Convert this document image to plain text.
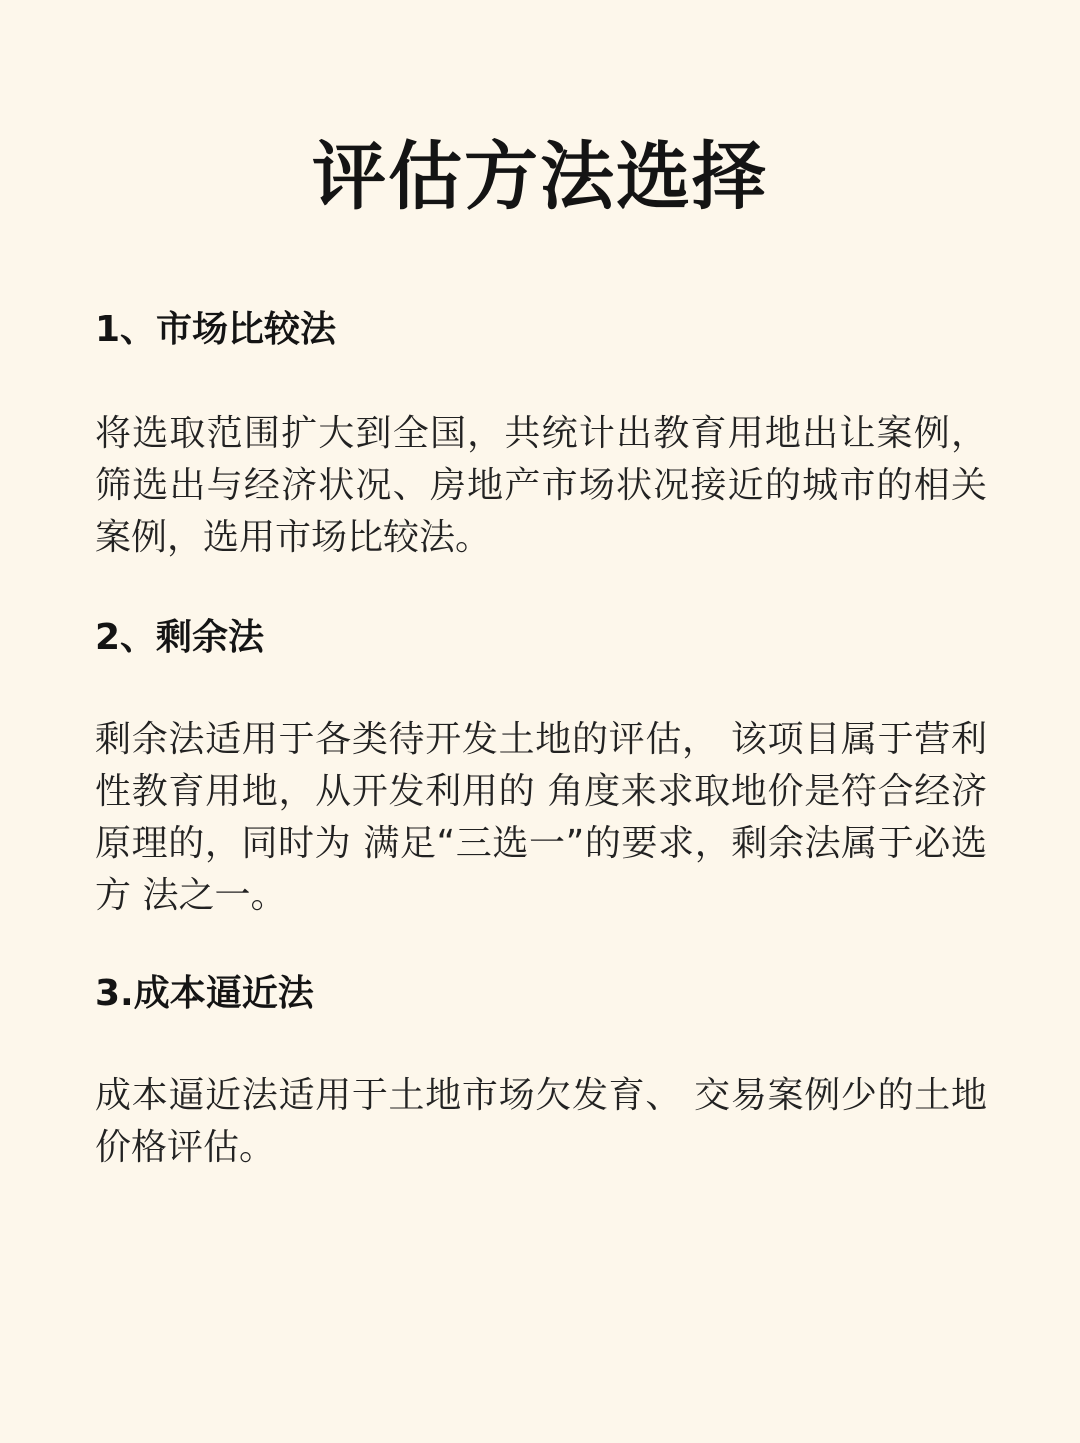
评估方法选择
1、市场比较法

将选取范围扩大到全国，共统计出教育用地出让案例，筛选出与经济状况、房地产市场状况接近的城市的相关案例，选用市场比较法。

2、剩余法

剩余法适用于各类待开发土地的评估， 该项目属于营利性教育用地，从开发利用的 角度来求取地价是符合经济原理的，同时为 满足“三选一”的要求，剩余法属于必选方 法之一。

3.成本逼近法

成本逼近法适用于土地市场欠发育、 交易案例少的土地价格评估。
